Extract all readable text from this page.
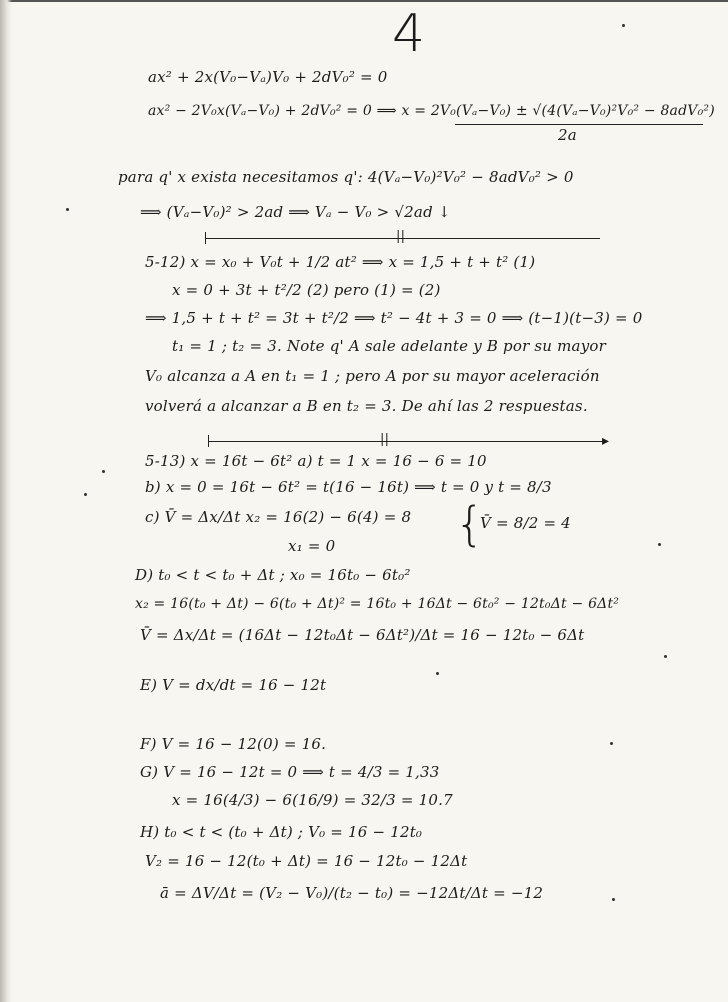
4
ax² + 2x(V₀−Vₐ)V₀ + 2dV₀² = 0
ax² − 2V₀x(Vₐ−V₀) + 2dV₀² = 0 ⟹ x = 2V₀(Vₐ−V₀) ± √(4(Vₐ−V₀)²V₀² − 8adV₀²)
2a
para q' x exista necesitamos q': 4(Vₐ−V₀)²V₀² − 8adV₀² > 0
⟹ (Vₐ−V₀)² > 2ad ⟹ Vₐ − V₀ > √2ad ↓
||
5-12) x = x₀ + V₀t + 1/2 at² ⟹ x = 1,5 + t + t² (1)
x = 0 + 3t + t²/2 (2) pero (1) = (2)
⟹ 1,5 + t + t² = 3t + t²/2 ⟹ t² − 4t + 3 = 0 ⟹ (t−1)(t−3) = 0
t₁ = 1 ; t₂ = 3. Note q' A sale adelante y B por su mayor
V₀ alcanza a A en t₁ = 1 ; pero A por su mayor aceleración
volverá a alcanzar a B en t₂ = 3. De ahí las 2 respuestas.
▸
||
5-13) x = 16t − 6t² a) t = 1 x = 16 − 6 = 10
b) x = 0 = 16t − 6t² = t(16 − 16t) ⟹ t = 0 y t = 8/3
c) V̄ = Δx/Δt x₂ = 16(2) − 6(4) = 8 {
V̄ = 8/2 = 4
x₁ = 0
D) t₀ < t < t₀ + Δt ; x₀ = 16t₀ − 6t₀²
x₂ = 16(t₀ + Δt) − 6(t₀ + Δt)² = 16t₀ + 16Δt − 6t₀² − 12t₀Δt − 6Δt²
V̄ = Δx/Δt = (16Δt − 12t₀Δt − 6Δt²)/Δt = 16 − 12t₀ − 6Δt
E) V = dx/dt = 16 − 12t
F) V = 16 − 12(0) = 16.
G) V = 16 − 12t = 0 ⟹ t = 4/3 = 1,33
x = 16(4/3) − 6(16/9) = 32/3 = 10.7
H) t₀ < t < (t₀ + Δt) ; V₀ = 16 − 12t₀
V₂ = 16 − 12(t₀ + Δt) = 16 − 12t₀ − 12Δt
ā = ΔV/Δt = (V₂ − V₀)/(t₂ − t₀) = −12Δt/Δt = −12
